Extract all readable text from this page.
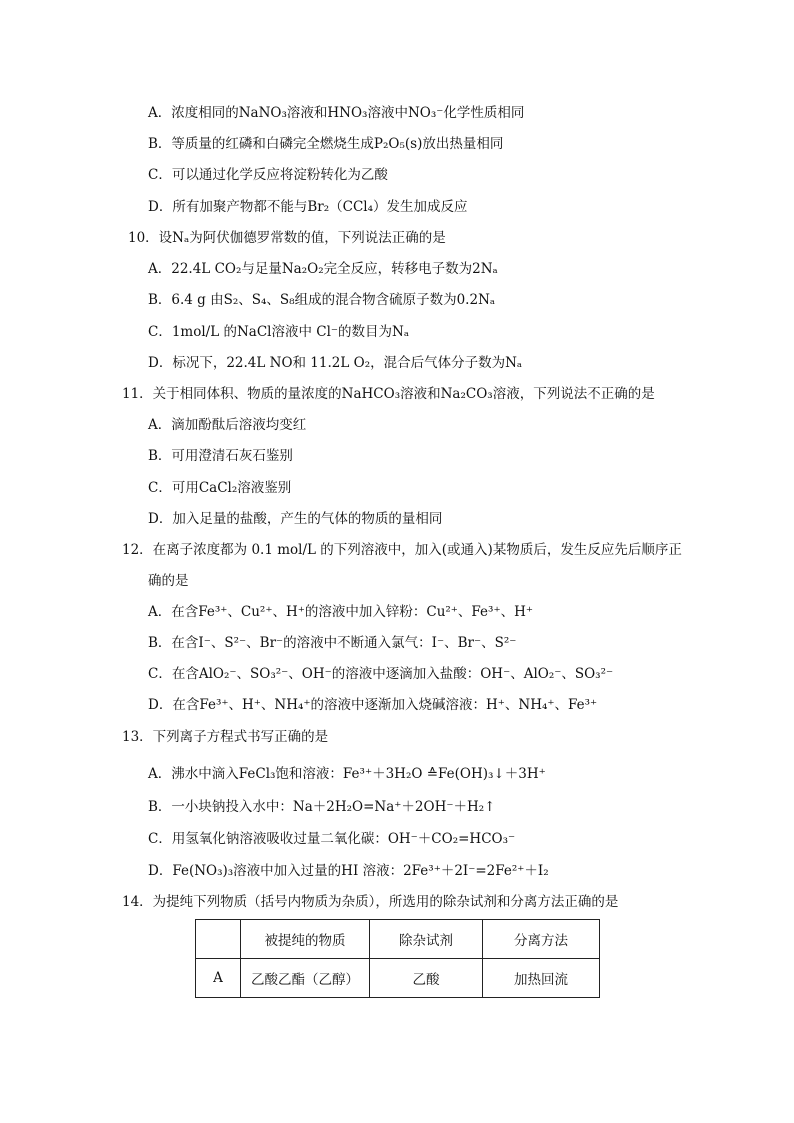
A．浓度相同的NaNO₃溶液和HNO₃溶液中NO₃⁻化学性质相同
B．等质量的红磷和白磷完全燃烧生成P₂O₅(s)放出热量相同
C．可以通过化学反应将淀粉转化为乙酸
D．所有加聚产物都不能与Br₂（CCl₄）发生加成反应
10．设Nₐ为阿伏伽德罗常数的值，下列说法正确的是
A．22.4L CO₂与足量Na₂O₂完全反应，转移电子数为2Nₐ
B．6.4 g 由S₂、S₄、S₈组成的混合物含硫原子数为0.2Nₐ
C．1mol/L 的NaCl溶液中 Cl⁻的数目为Nₐ
D．标况下，22.4L NO和 11.2L O₂，混合后气体分子数为Nₐ
11．关于相同体积、物质的量浓度的NaHCO₃溶液和Na₂CO₃溶液，下列说法不正确的是
A．滴加酚酞后溶液均变红
B．可用澄清石灰石鉴别
C．可用CaCl₂溶液鉴别
D．加入足量的盐酸，产生的气体的物质的量相同
12．在离子浓度都为 0.1 mol/L 的下列溶液中，加入(或通入)某物质后，发生反应先后顺序正
确的是
A．在含Fe³⁺、Cu²⁺、H⁺的溶液中加入锌粉：Cu²⁺、Fe³⁺、H⁺
B．在含I⁻、S²⁻、Br⁻的溶液中不断通入氯气：I⁻、Br⁻、S²⁻
C．在含AlO₂⁻、SO₃²⁻、OH⁻的溶液中逐滴加入盐酸：OH⁻、AlO₂⁻、SO₃²⁻
D．在含Fe³⁺、H⁺、NH₄⁺的溶液中逐渐加入烧碱溶液：H⁺、NH₄⁺、Fe³⁺
13．下列离子方程式书写正确的是
A．沸水中滴入FeCl₃饱和溶液：Fe³⁺＋3H₂O ≙Fe(OH)₃↓＋3H⁺
B．一小块钠投入水中：Na＋2H₂O=Na⁺＋2OH⁻＋H₂↑
C．用氢氧化钠溶液吸收过量二氧化碳：OH⁻＋CO₂=HCO₃⁻
D．Fe(NO₃)₃溶液中加入过量的HI 溶液：2Fe³⁺＋2I⁻=2Fe²⁺＋I₂
14．为提纯下列物质（括号内物质为杂质），所选用的除杂试剂和分离方法正确的是
	被提纯的物质	除杂试剂	分离方法
A	乙酸乙酯（乙醇）	乙酸	加热回流
